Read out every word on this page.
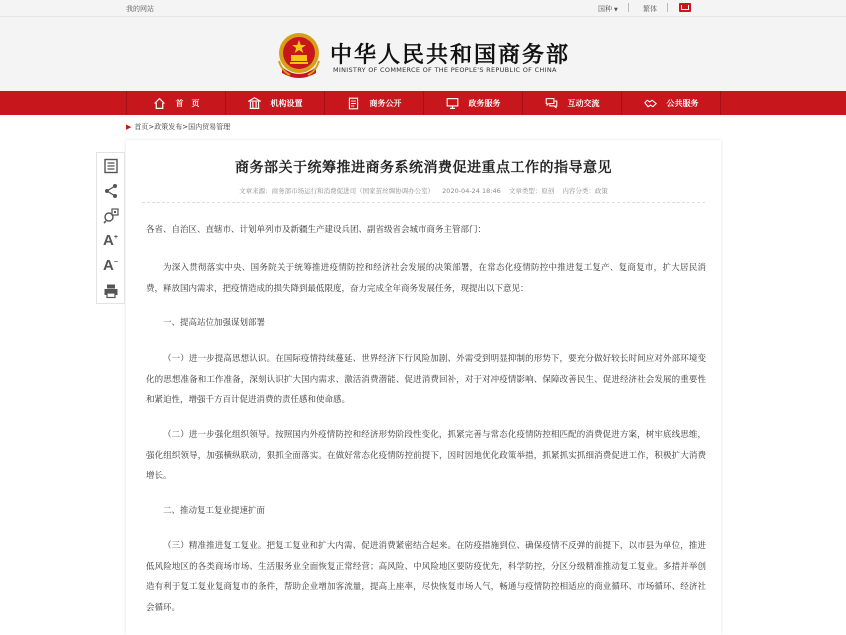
我的网站	国种 ▼	繁体
中华人民共和国商务部
MINISTRY OF COMMERCE OF THE PEOPLE'S REPUBLIC OF CHINA
首　页	机构设置	商务公开	政务服务	互动交流	公共服务
商务部关于统筹推进商务系统消费促进重点工作的指导意见
文章来源：商务部市场运行和消费促进司（国家茧丝绸协调办公室） 2020-04-24 18:46 文章类型：原创 内容分类：政策
各省、自治区、直辖市、计划单列市及新疆生产建设兵团、副省级省会城市商务主管部门：
为深入贯彻落实中央、国务院关于统筹推进疫情防控和经济社会发展的决策部署，在常态化疫情防控中推进复工复产、复商复市，扩大居民消费，释放国内需求，把疫情造成的损失降到最低限度，奋力完成全年商务发展任务，现提出以下意见：
一、提高站位加强谋划部署
（一）进一步提高思想认识。在国际疫情持续蔓延、世界经济下行风险加剧、外需受到明显抑制的形势下，要充分做好较长时间应对外部环境变化的思想准备和工作准备，深刻认识扩大国内需求、激活消费潜能、促进消费回补，对于对冲疫情影响、保障改善民生、促进经济社会发展的重要性和紧迫性，增强千方百计促进消费的责任感和使命感。
（二）进一步强化组织领导。按照国内外疫情防控和经济形势阶段性变化，抓紧完善与常态化疫情防控相匹配的消费促进方案，树牢底线思维，强化组织领导，加强横纵联动，狠抓全面落实。在做好常态化疫情防控前提下，因时因地优化政策举措，抓紧抓实抓细消费促进工作，积极扩大消费增长。
二、推动复工复业提速扩面
（三）精准推进复工复业。把复工复业和扩大内需、促进消费紧密结合起来。在防疫措施到位、确保疫情不反弹的前提下，以市县为单位，推进低风险地区的各类商场市场、生活服务业全面恢复正常经营；高风险、中风险地区要防疫优先，科学防控，分区分级精准推动复工复业。多措并举创造有利于复工复业复商复市的条件，帮助企业增加客流量，提高上座率，尽快恢复市场人气，畅通与疫情防控相适应的商业循环、市场循环、经济社会循环。
▶ 首页>政策发布>国内贸易管理
A+
A−
